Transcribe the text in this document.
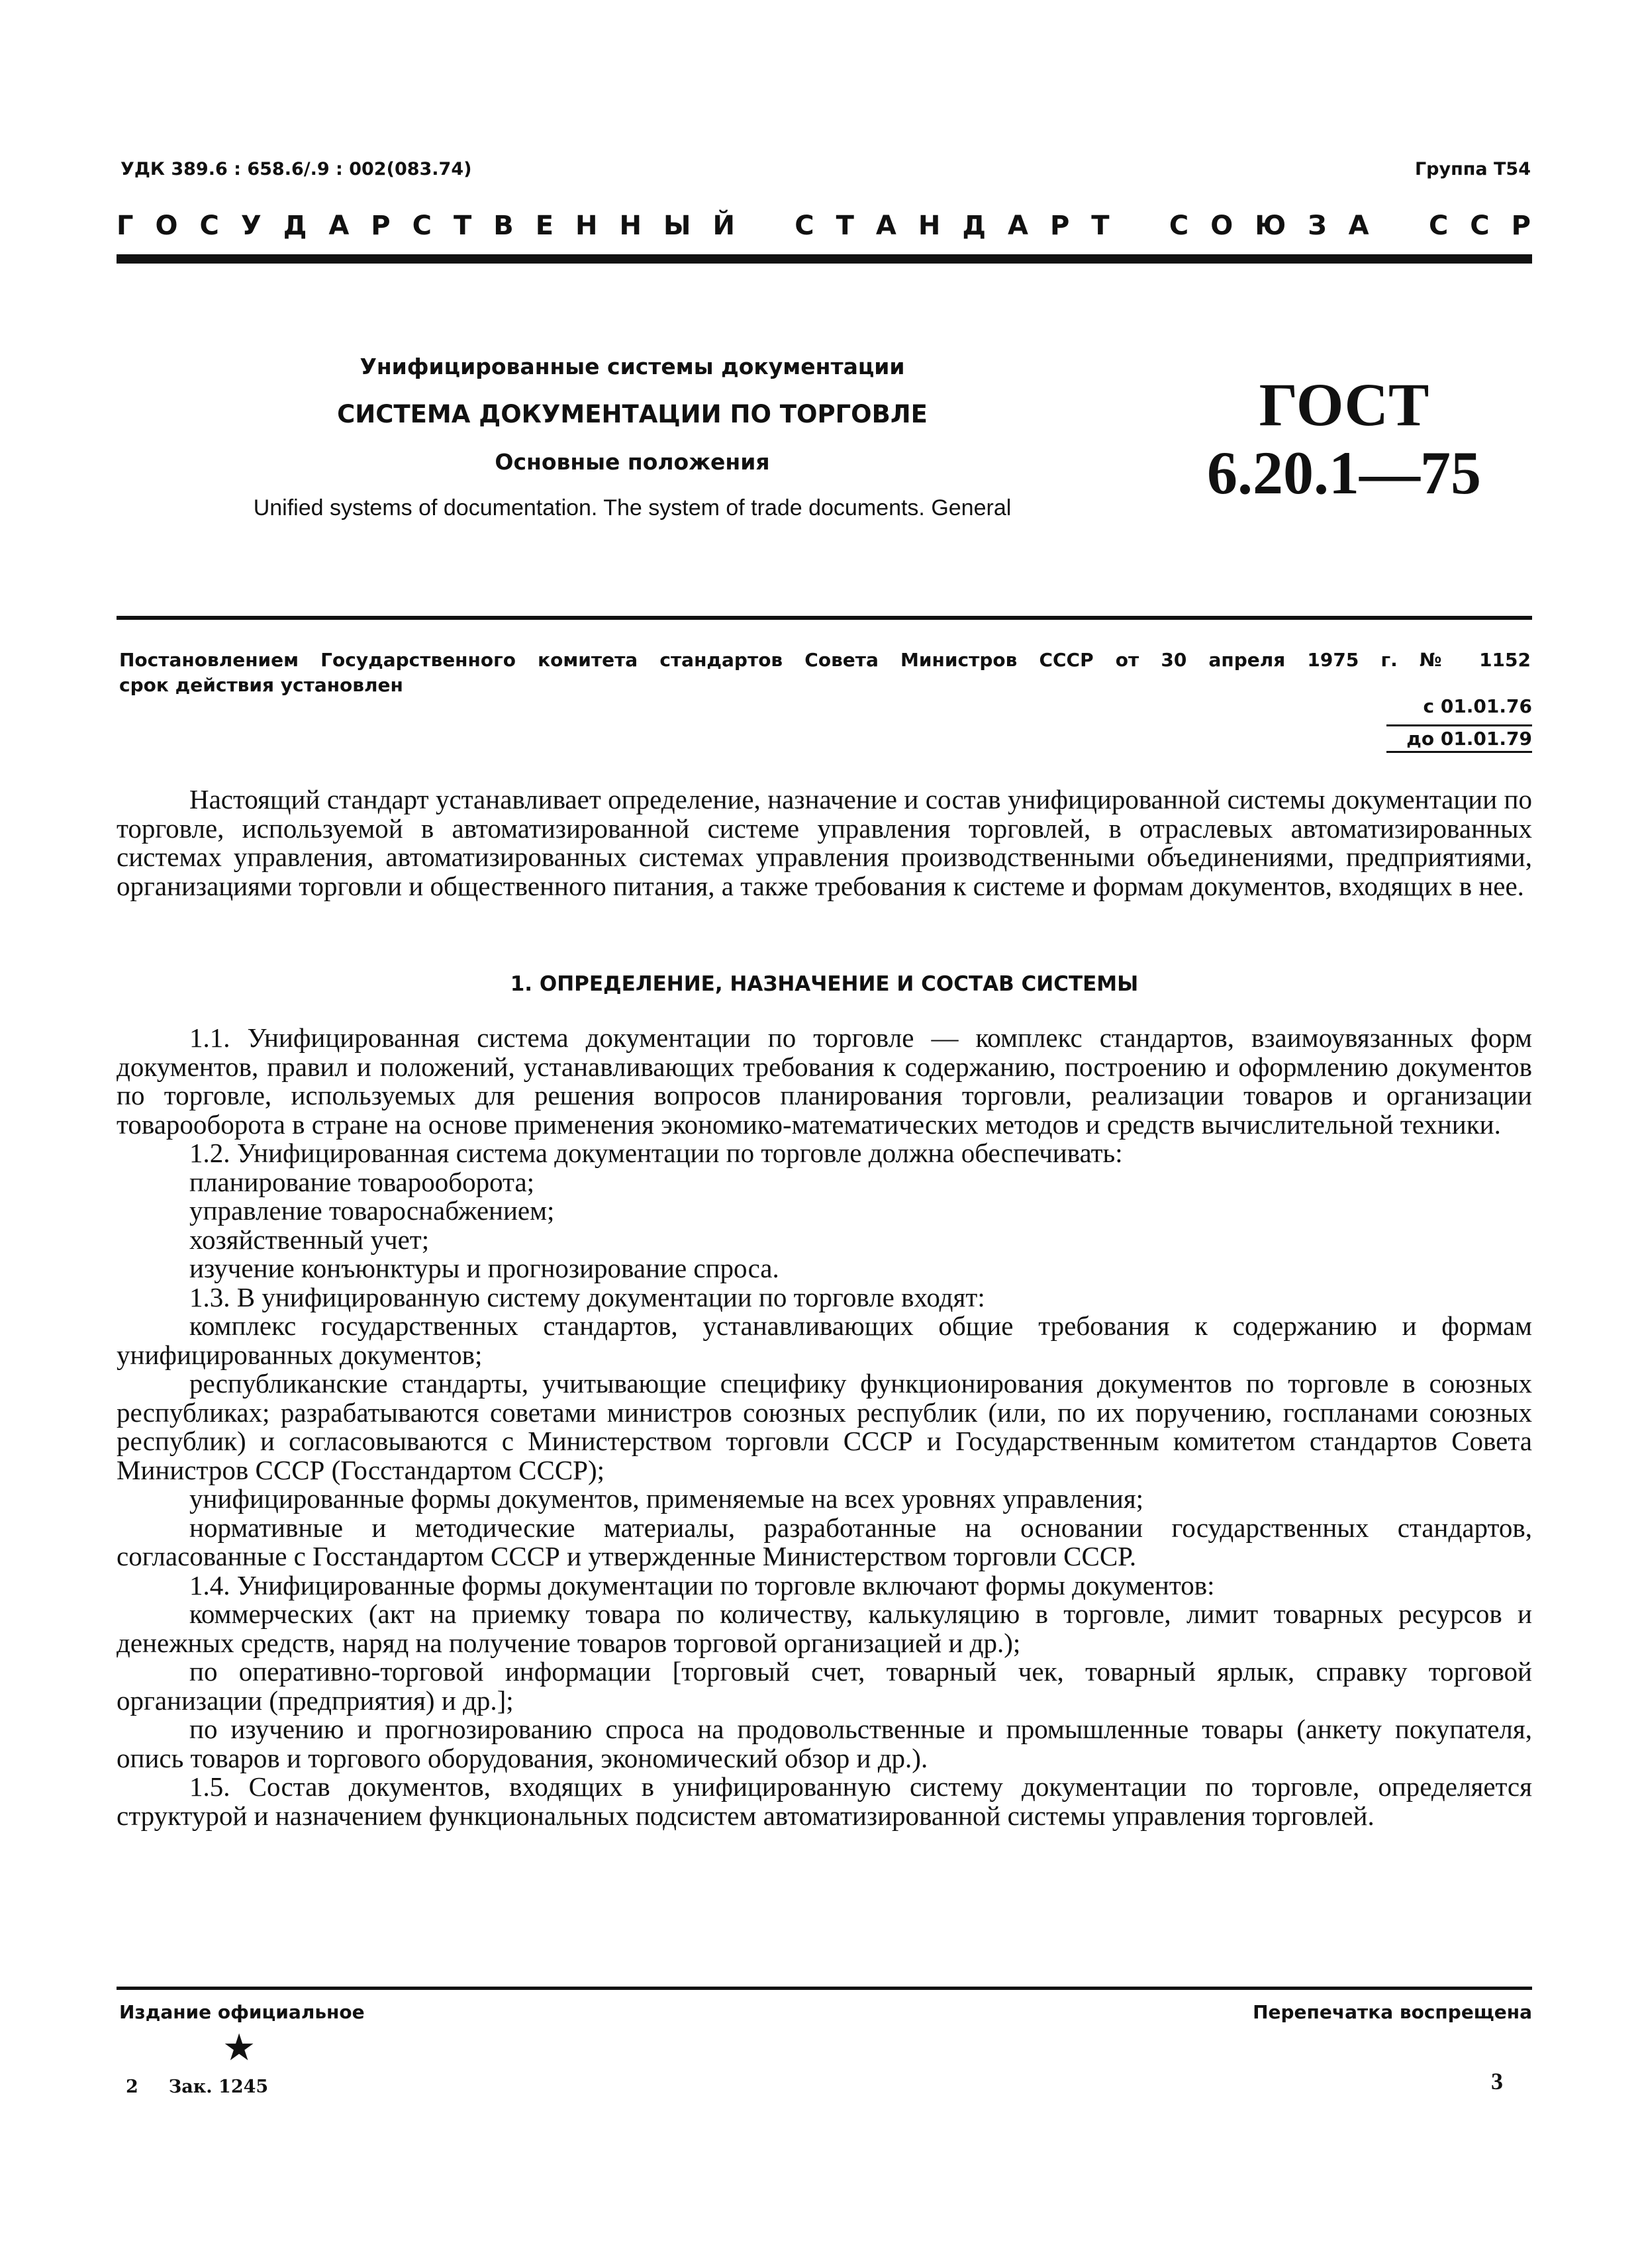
УДК 389.6 : 658.6/.9 : 002(083.74)	Группа Т54
ГОСУДАРСТВЕННЫЙ СТАНДАРТ СОЮЗА ССР
Унифицированные системы документации
СИСТЕМА ДОКУМЕНТАЦИИ ПО ТОРГОВЛЕ
Основные положения
Unified systems of documentation. The system of trade documents. General
ГОСТ
6.20.1—75
Постановлением Государственного комитета стандартов Совета Министров СССР от 30 апреля 1975 г. № 1152
срок действия установлен
с 01.01.76
до 01.01.79

Настоящий стандарт устанавливает определение, назначение и состав унифицированной системы документации по торговле, используемой в автоматизированной системе управления торговлей, в отраслевых автоматизированных системах управления, автоматизированных системах управления производственными объединениями, предприятиями, организациями торговли и общественного питания, а также требования к системе и формам документов, входящих в нее.

1. ОПРЕДЕЛЕНИЕ, НАЗНАЧЕНИЕ И СОСТАВ СИСТЕМЫ

1.1. Унифицированная система документации по торговле — комплекс стандартов, взаимоувязанных форм документов, правил и положений, устанавливающих требования к содержанию, построению и оформлению документов по торговле, используемых для решения вопросов планирования торговли, реализации товаров и организации товарооборота в стране на основе применения экономико-математических методов и средств вычислительной техники.

1.2. Унифицированная система документации по торговле должна обеспечивать:

планирование товарооборота;

управление товароснабжением;

хозяйственный учет;

изучение конъюнктуры и прогнозирование спроса.

1.3. В унифицированную систему документации по торговле входят:

комплекс государственных стандартов, устанавливающих общие требования к содержанию и формам унифицированных документов;

республиканские стандарты, учитывающие специфику функционирования документов по торговле в союзных республиках; разрабатываются советами министров союзных республик (или, по их поручению, госпланами союзных республик) и согласовываются с Министерством торговли СССР и Государственным комитетом стандартов Совета Министров СССР (Госстандартом СССР);

унифицированные формы документов, применяемые на всех уровнях управления;

нормативные и методические материалы, разработанные на основании государственных стандартов, согласованные с Госстандартом СССР и утвержденные Министерством торговли СССР.

1.4. Унифицированные формы документации по торговле включают формы документов:

коммерческих (акт на приемку товара по количеству, калькуляцию в торговле, лимит товарных ресурсов и денежных средств, наряд на получение товаров торговой организацией и др.);

по оперативно-торговой информации [торговый счет, товарный чек, товарный ярлык, справку торговой организации (предприятия) и др.];

по изучению и прогнозированию спроса на продовольственные и промышленные товары (анкету покупателя, опись товаров и торгового оборудования, экономический обзор и др.).

1.5. Состав документов, входящих в унифицированную систему документации по торговле, определяется структурой и назначением функциональных подсистем автоматизированной системы управления торговлей.

Издание официальное	Перепечатка воспрещена
★
2 Зак. 1245	3
